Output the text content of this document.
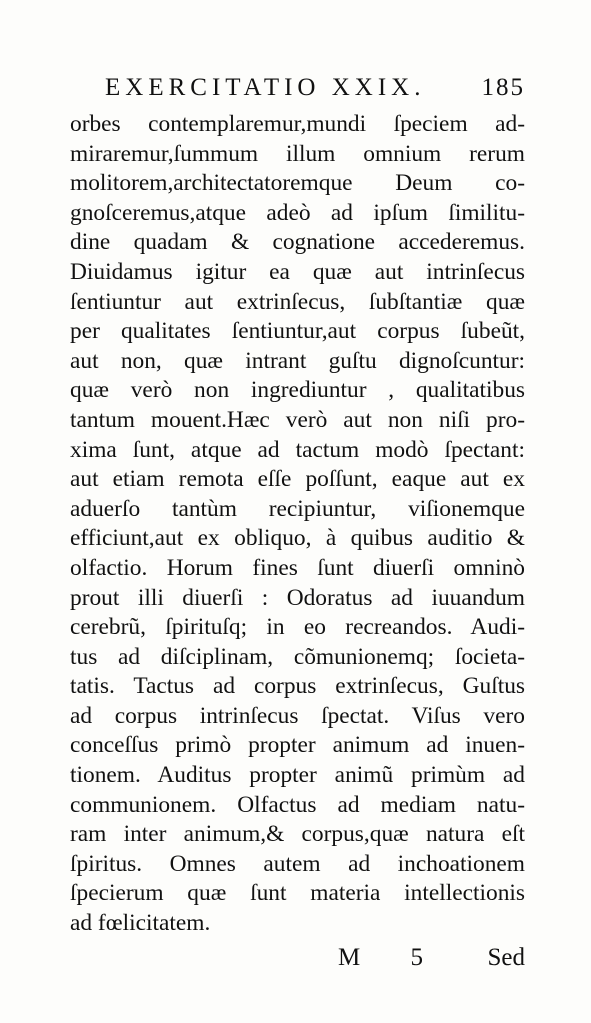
EXERCITATIO XXIX. 185
orbes contemplaremur,mundi ſpeciem ad-
miraremur,ſummum illum omnium rerum
molitorem,architectatoremque Deum co-
gnoſceremus,atque adeò ad ipſum ſimilitu-
dine quadam & cognatione accederemus.
Diuidamus igitur ea quæ aut intrinſecus
ſentiuntur aut extrinſecus, ſubſtantiæ quæ
per qualitates ſentiuntur,aut corpus ſubeũt,
aut non, quæ intrant guſtu dignoſcuntur:
quæ verò non ingrediuntur , qualitatibus
tantum mouent.Hæc verò aut non niſi pro-
xima ſunt, atque ad tactum modò ſpectant:
aut etiam remota eſſe poſſunt, eaque aut ex
aduerſo tantùm recipiuntur, viſionemque
efficiunt,aut ex obliquo, à quibus auditio &
olfactio. Horum fines ſunt diuerſi omninò
prout illi diuerſi : Odoratus ad iuuandum
cerebrũ, ſpirituſq; in eo recreandos. Audi-
tus ad diſciplinam, cõmunionemq; ſocieta-
tatis. Tactus ad corpus extrinſecus, Guſtus
ad corpus intrinſecus ſpectat. Viſus vero
conceſſus primò propter animum ad inuen-
tionem. Auditus propter animũ primùm ad
communionem. Olfactus ad mediam natu-
ram inter animum,& corpus,quæ natura eſt
ſpiritus. Omnes autem ad inchoationem
ſpecierum quæ ſunt materia intellectionis
ad fœlicitatem.
M 5 Sed
